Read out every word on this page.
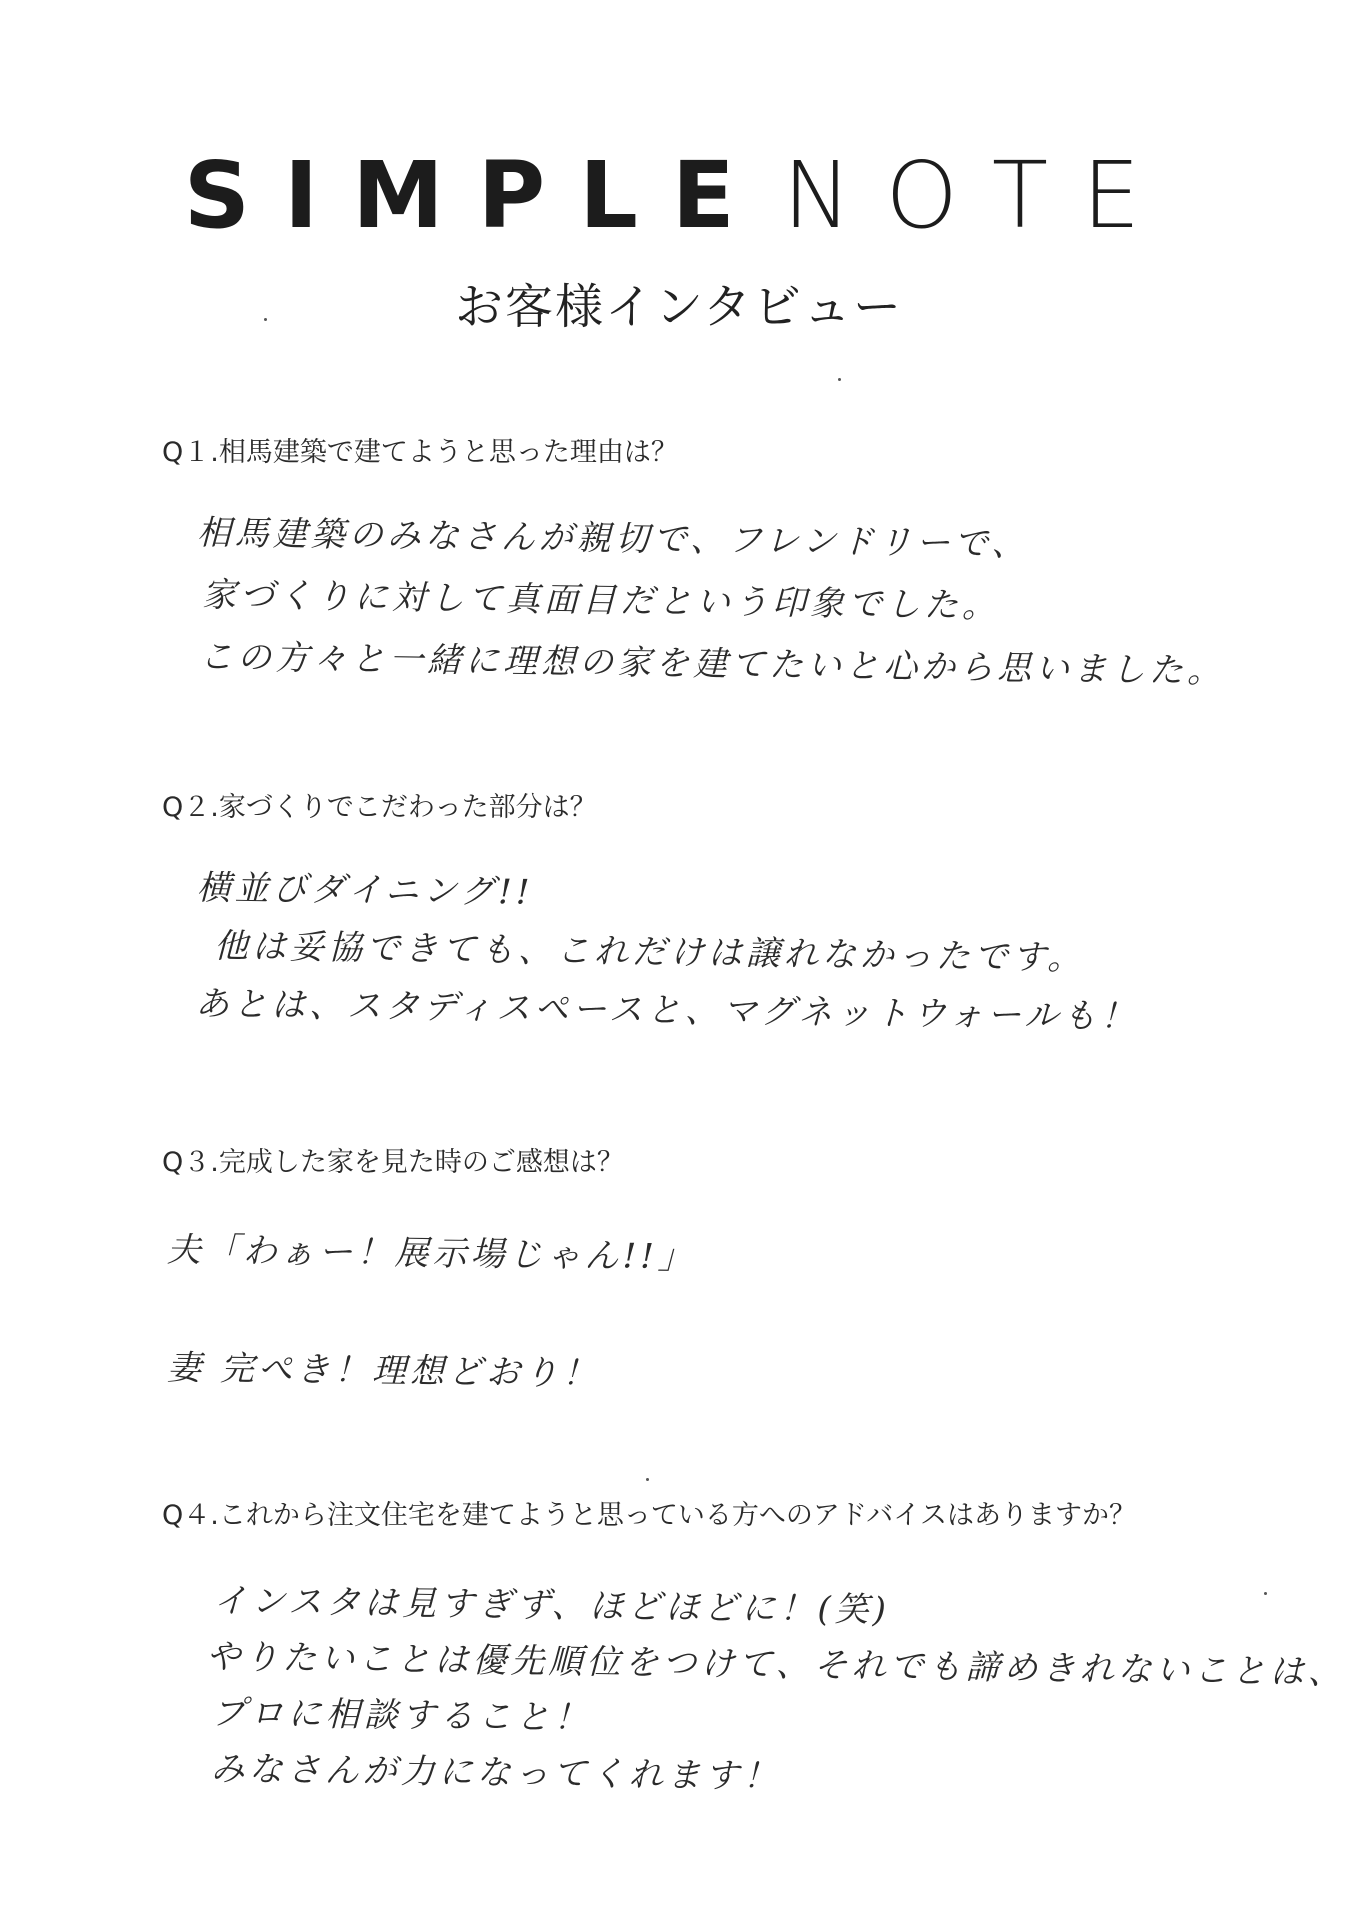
SIMPLE NOTE
お客様インタビュー
Q１.相馬建築で建てようと思った理由は？
相馬建築のみなさんが親切で、フレンドリーで、
家づくりに対して真面目だという印象でした。
この方々と一緒に理想の家を建てたいと心から思いました。
Q２.家づくりでこだわった部分は？
横並びダイニング!!
他は妥協できても、これだけは譲れなかったです。
あとは、スタディスペースと、マグネットウォールも！
Q３.完成した家を見た時のご感想は？
夫「わぁー！展示場じゃん!!」
妻 完ぺき！理想どおり！
Q４.これから注文住宅を建てようと思っている方へのアドバイスはありますか？
インスタは見すぎず、ほどほどに！(笑)
やりたいことは優先順位をつけて、それでも諦めきれないことは、
プロに相談すること！
みなさんが力になってくれます！
